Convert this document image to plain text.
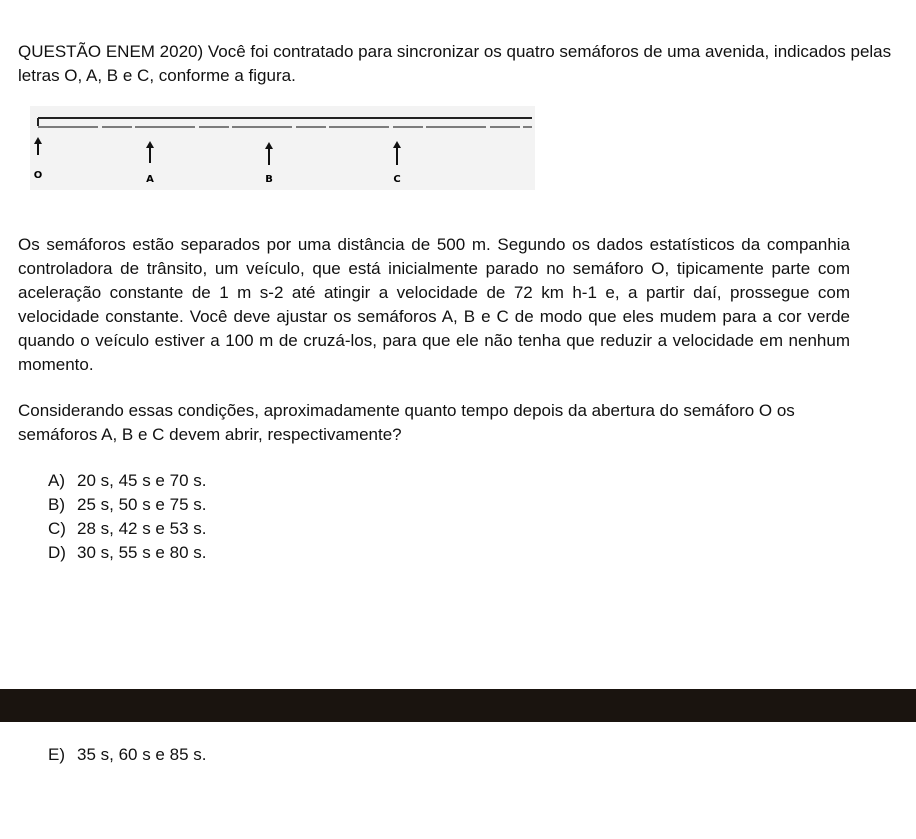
QUESTÃO ENEM 2020) Você foi contratado para sincronizar os quatro semáforos de uma avenida, indicados pelas letras O, A, B e C, conforme a figura.

O	A	B	C

Os semáforos estão separados por uma distância de 500 m. Segundo os dados estatísticos da companhia controladora de trânsito, um veículo, que está inicialmente parado no semáforo O, tipicamente parte com aceleração constante de 1 m s-2 até atingir a velocidade de 72 km h-1 e, a partir daí, prossegue com velocidade constante. Você deve ajustar os semáforos A, B e C de modo que eles mudem para a cor verde quando o veículo estiver a 100 m de cruzá-los, para que ele não tenha que reduzir a velocidade em nenhum momento.

Considerando essas condições, aproximadamente quanto tempo depois da abertura do semáforo O os semáforos A, B e C devem abrir, respectivamente?

A) 20 s, 45 s e 70 s.
B) 25 s, 50 s e 75 s.
C) 28 s, 42 s e 53 s.
D) 30 s, 55 s e 80 s.

E) 35 s, 60 s e 85 s.
